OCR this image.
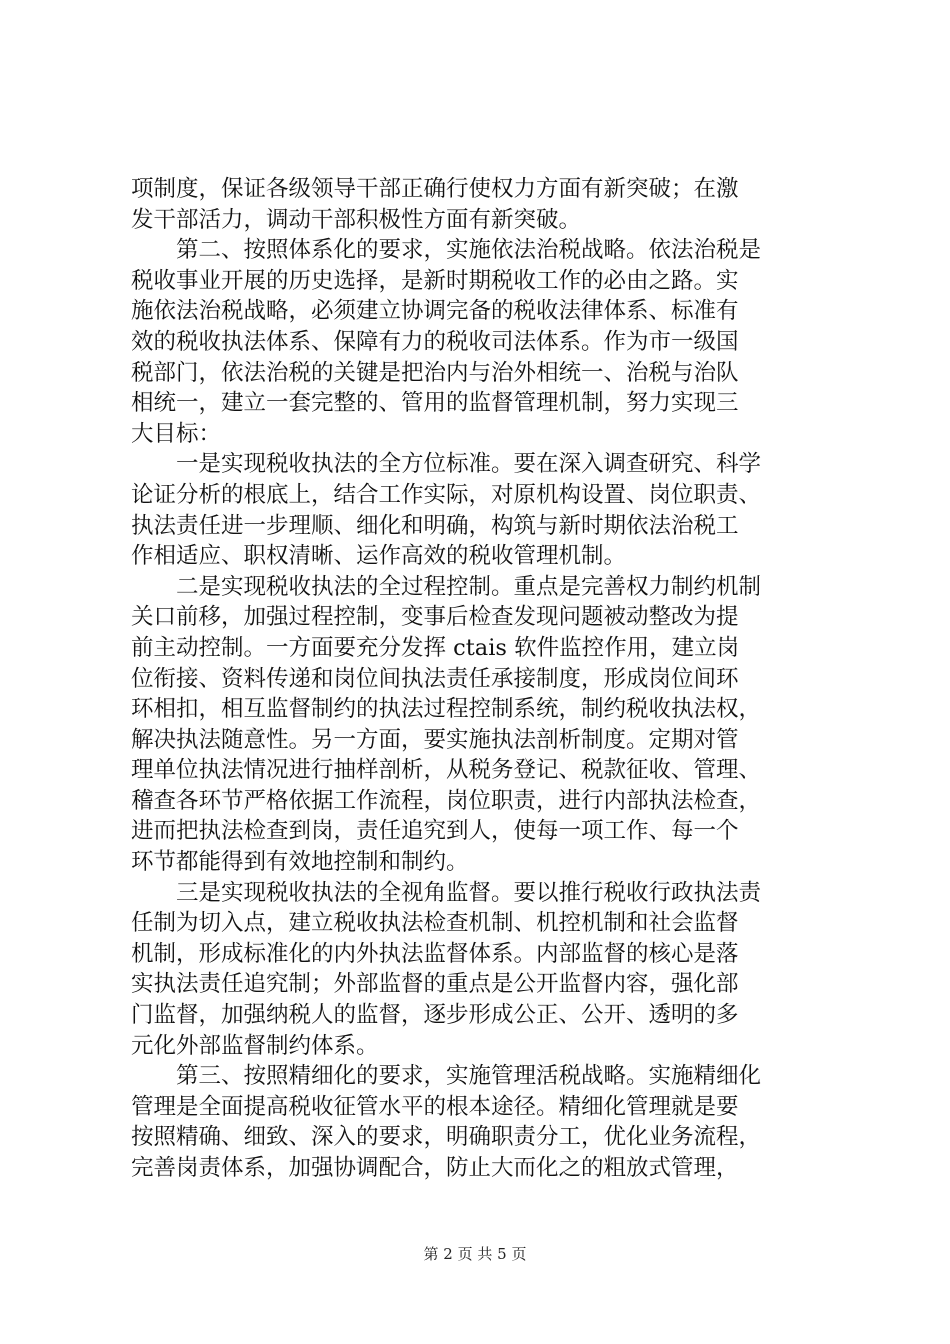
项制度，保证各级领导干部正确行使权力方面有新突破；在激
发干部活力，调动干部积极性方面有新突破。
第二、按照体系化的要求，实施依法治税战略。依法治税是
税收事业开展的历史选择，是新时期税收工作的必由之路。实
施依法治税战略，必须建立协调完备的税收法律体系、标准有
效的税收执法体系、保障有力的税收司法体系。作为市一级国
税部门，依法治税的关键是把治内与治外相统一、治税与治队
相统一，建立一套完整的、管用的监督管理机制，努力实现三
大目标：
一是实现税收执法的全方位标准。要在深入调查研究、科学
论证分析的根底上，结合工作实际，对原机构设置、岗位职责、
执法责任进一步理顺、细化和明确，构筑与新时期依法治税工
作相适应、职权清晰、运作高效的税收管理机制。
二是实现税收执法的全过程控制。重点是完善权力制约机制
关口前移，加强过程控制，变事后检查发现问题被动整改为提
前主动控制。一方面要充分发挥 ctais 软件监控作用，建立岗
位衔接、资料传递和岗位间执法责任承接制度，形成岗位间环
环相扣，相互监督制约的执法过程控制系统，制约税收执法权，
解决执法随意性。另一方面，要实施执法剖析制度。定期对管
理单位执法情况进行抽样剖析，从税务登记、税款征收、管理、
稽查各环节严格依据工作流程，岗位职责，进行内部执法检查，
进而把执法检查到岗，责任追究到人，使每一项工作、每一个
环节都能得到有效地控制和制约。
三是实现税收执法的全视角监督。要以推行税收行政执法责
任制为切入点，建立税收执法检查机制、机控机制和社会监督
机制，形成标准化的内外执法监督体系。内部监督的核心是落
实执法责任追究制；外部监督的重点是公开监督内容，强化部
门监督，加强纳税人的监督，逐步形成公正、公开、透明的多
元化外部监督制约体系。
第三、按照精细化的要求，实施管理活税战略。实施精细化
管理是全面提高税收征管水平的根本途径。精细化管理就是要
按照精确、细致、深入的要求，明确职责分工，优化业务流程，
完善岗责体系，加强协调配合，防止大而化之的粗放式管理，
第 2 页 共 5 页
